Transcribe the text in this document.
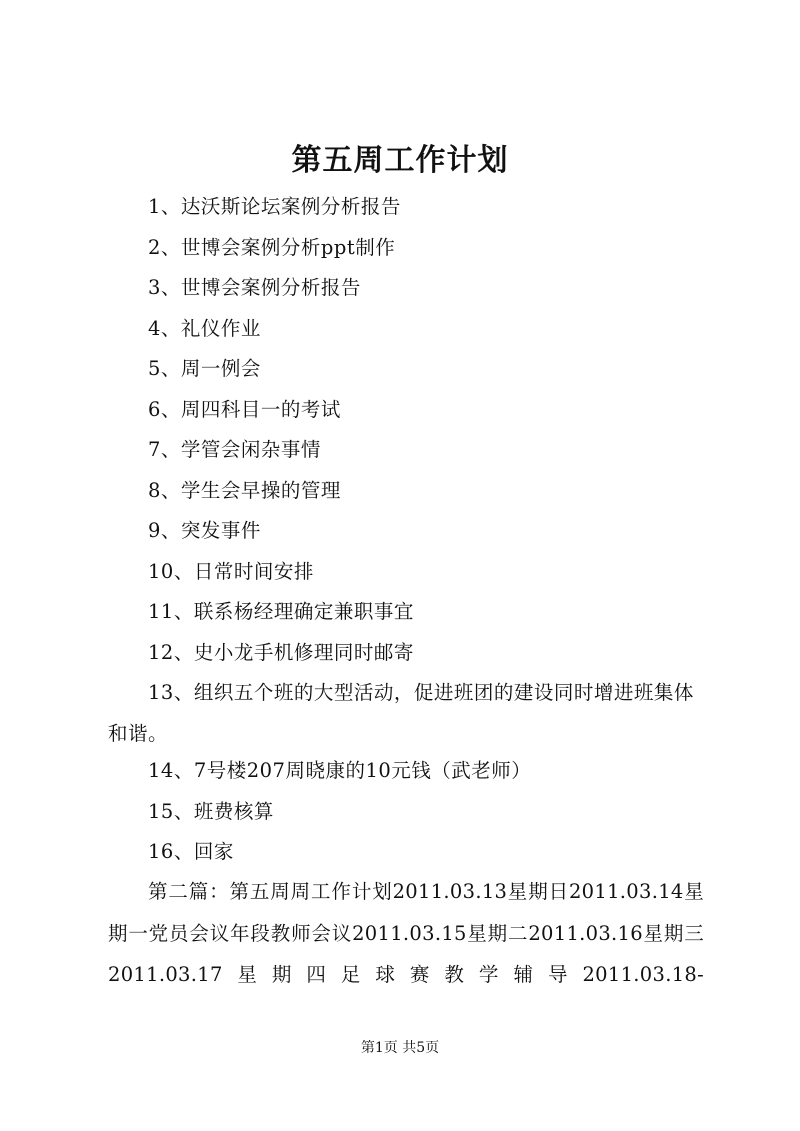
第五周工作计划
1、达沃斯论坛案例分析报告
2、世博会案例分析ppt制作
3、世博会案例分析报告
4、礼仪作业
5、周一例会
6、周四科目一的考试
7、学管会闲杂事情
8、学生会早操的管理
9、突发事件
10、日常时间安排
11、联系杨经理确定兼职事宜
12、史小龙手机修理同时邮寄

13、组织五个班的大型活动，促进班团的建设同时增进班集体和谐。

14、7号楼207周晓康的10元钱（武老师）
15、班费核算
16、回家

第二篇：第五周周工作计划2011.03.13星期日2011.03.14星期一党员会议年段教师会议2011.03.15星期二2011.03.16星期三2011.03.17星期四足球赛教学辅导2011.03.18-

第1页 共5页
